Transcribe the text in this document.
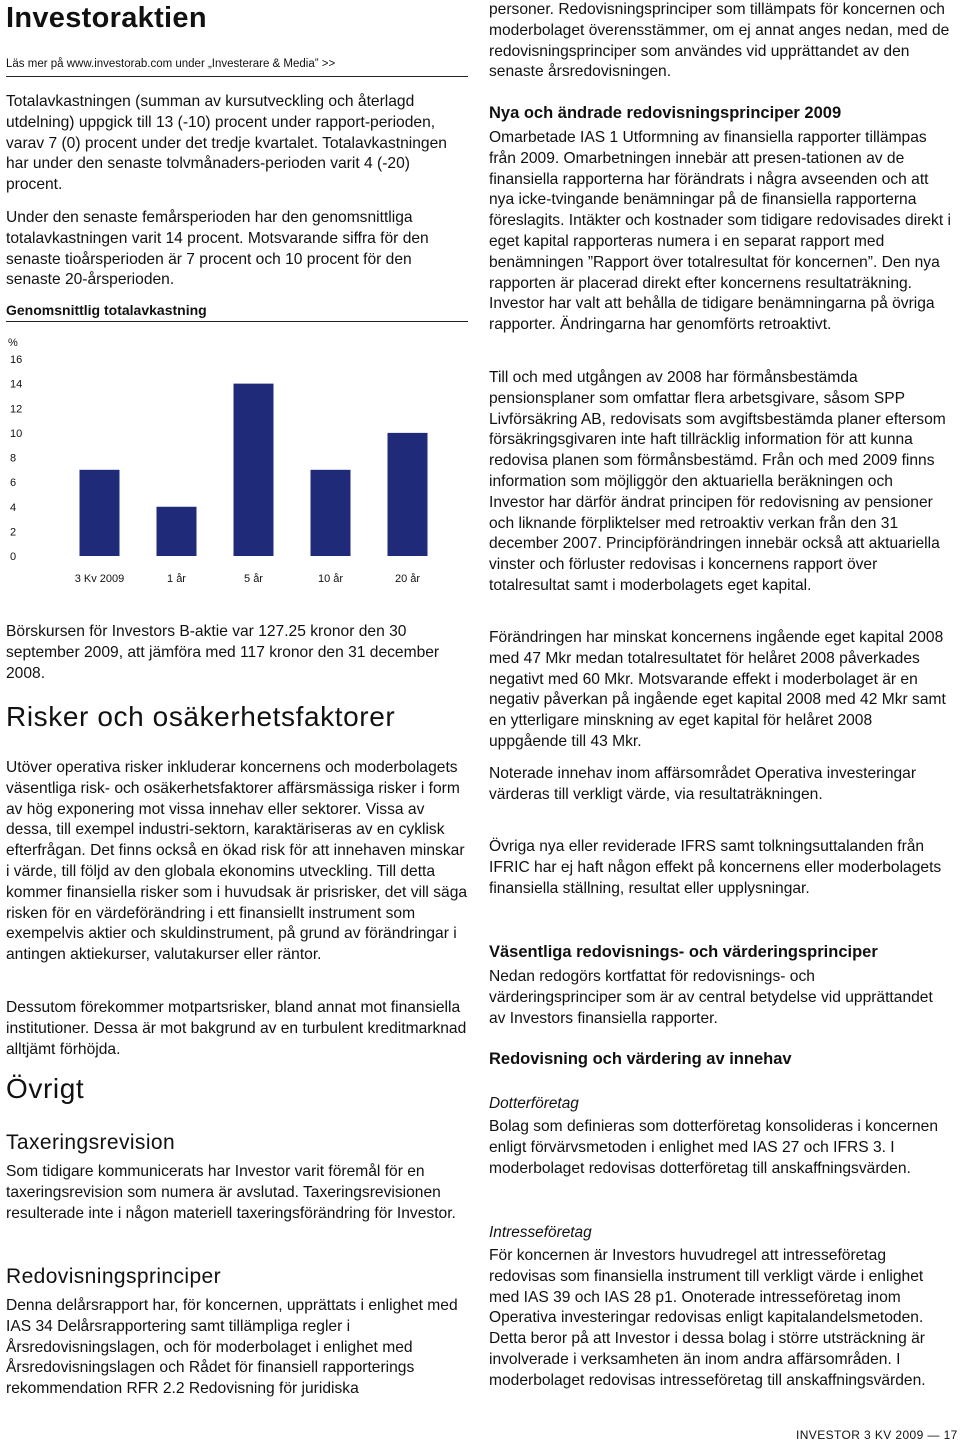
Investoraktien
Läs mer på www.investorab.com under „Investerare & Media” >>

Totalavkastningen (summan av kursutveckling och återlagd utdelning) uppgick till 13 (-10) procent under rapport-perioden, varav 7 (0) procent under det tredje kvartalet. Totalavkastningen har under den senaste tolvmånaders-perioden varit 4 (-20) procent.

Under den senaste femårsperioden har den genomsnittliga totalavkastningen varit 14 procent. Motsvarande siffra för den senaste tioårsperioden är 7 procent och 10 procent för den senaste 20-årsperioden.

Genomsnittlig totalavkastning
%
0
2
4
6
8
10
12
14
16
3 Kv 2009	1 år	5 år	10 år	20 år

Börskursen för Investors B-aktie var 127.25 kronor den 30 september 2009, att jämföra med 117 kronor den 31 december 2008.

Risker och osäkerhetsfaktorer

Utöver operativa risker inkluderar koncernens och moderbolagets väsentliga risk- och osäkerhetsfaktorer affärsmässiga risker i form av hög exponering mot vissa innehav eller sektorer. Vissa av dessa, till exempel industri-sektorn, karaktäriseras av en cyklisk efterfrågan. Det finns också en ökad risk för att innehaven minskar i värde, till följd av den globala ekonomins utveckling. Till detta kommer finansiella risker som i huvudsak är prisrisker, det vill säga risken för en värdeförändring i ett finansiellt instrument som exempelvis aktier och skuldinstrument, på grund av förändringar i antingen aktiekurser, valutakurser eller räntor.

Dessutom förekommer motpartsrisker, bland annat mot finansiella institutioner. Dessa är mot bakgrund av en turbulent kreditmarknad alltjämt förhöjda.

Övrigt
Taxeringsrevision

Som tidigare kommunicerats har Investor varit föremål för en taxeringsrevision som numera är avslutad. Taxeringsrevisionen resulterade inte i någon materiell taxeringsförändring för Investor.

Redovisningsprinciper

Denna delårsrapport har, för koncernen, upprättats i enlighet med IAS 34 Delårsrapportering samt tillämpliga regler i Årsredovisningslagen, och för moderbolaget i enlighet med Årsredovisningslagen och Rådet för finansiell rapporterings rekommendation RFR 2.2 Redovisning för juridiska

personer. Redovisningsprinciper som tillämpats för koncernen och moderbolaget överensstämmer, om ej annat anges nedan, med de redovisningsprinciper som användes vid upprättandet av den senaste årsredovisningen.

Nya och ändrade redovisningsprinciper 2009

Omarbetade IAS 1 Utformning av finansiella rapporter tillämpas från 2009. Omarbetningen innebär att presen-tationen av de finansiella rapporterna har förändrats i några avseenden och att nya icke-tvingande benämningar på de finansiella rapporterna föreslagits. Intäkter och kostnader som tidigare redovisades direkt i eget kapital rapporteras numera i en separat rapport med benämningen ”Rapport över totalresultat för koncernen”. Den nya rapporten är placerad direkt efter koncernens resultaträkning. Investor har valt att behålla de tidigare benämningarna på övriga rapporter. Ändringarna har genomförts retroaktivt.

Till och med utgången av 2008 har förmånsbestämda pensionsplaner som omfattar flera arbetsgivare, såsom SPP Livförsäkring AB, redovisats som avgiftsbestämda planer eftersom försäkringsgivaren inte haft tillräcklig information för att kunna redovisa planen som förmånsbestämd. Från och med 2009 finns information som möjliggör den aktuariella beräkningen och Investor har därför ändrat principen för redovisning av pensioner och liknande förpliktelser med retroaktiv verkan från den 31 december 2007. Principförändringen innebär också att aktuariella vinster och förluster redovisas i koncernens rapport över totalresultat samt i moderbolagets eget kapital.

Förändringen har minskat koncernens ingående eget kapital 2008 med 47 Mkr medan totalresultatet för helåret 2008 påverkades negativt med 60 Mkr. Motsvarande effekt i moderbolaget är en negativ påverkan på ingående eget kapital 2008 med 42 Mkr samt en ytterligare minskning av eget kapital för helåret 2008 uppgående till 43 Mkr.

Noterade innehav inom affärsområdet Operativa investeringar värderas till verkligt värde, via resultaträkningen.

Övriga nya eller reviderade IFRS samt tolkningsuttalanden från IFRIC har ej haft någon effekt på koncernens eller moderbolagets finansiella ställning, resultat eller upplysningar.

Väsentliga redovisnings- och värderingsprinciper

Nedan redogörs kortfattat för redovisnings- och värderingsprinciper som är av central betydelse vid upprättandet av Investors finansiella rapporter.

Redovisning och värdering av innehav
Dotterföretag

Bolag som definieras som dotterföretag konsolideras i koncernen enligt förvärvsmetoden i enlighet med IAS 27 och IFRS 3. I moderbolaget redovisas dotterföretag till anskaffningsvärden.

Intresseföretag

För koncernen är Investors huvudregel att intresseföretag redovisas som finansiella instrument till verkligt värde i enlighet med IAS 39 och IAS 28 p1. Onoterade intresseföretag inom Operativa investeringar redovisas enligt kapitalandelsmetoden. Detta beror på att Investor i dessa bolag i större utsträckning är involverade i verksamheten än inom andra affärsområden. I moderbolaget redovisas intresseföretag till anskaffningsvärden.

INVESTOR 3 KV 2009 — 17
